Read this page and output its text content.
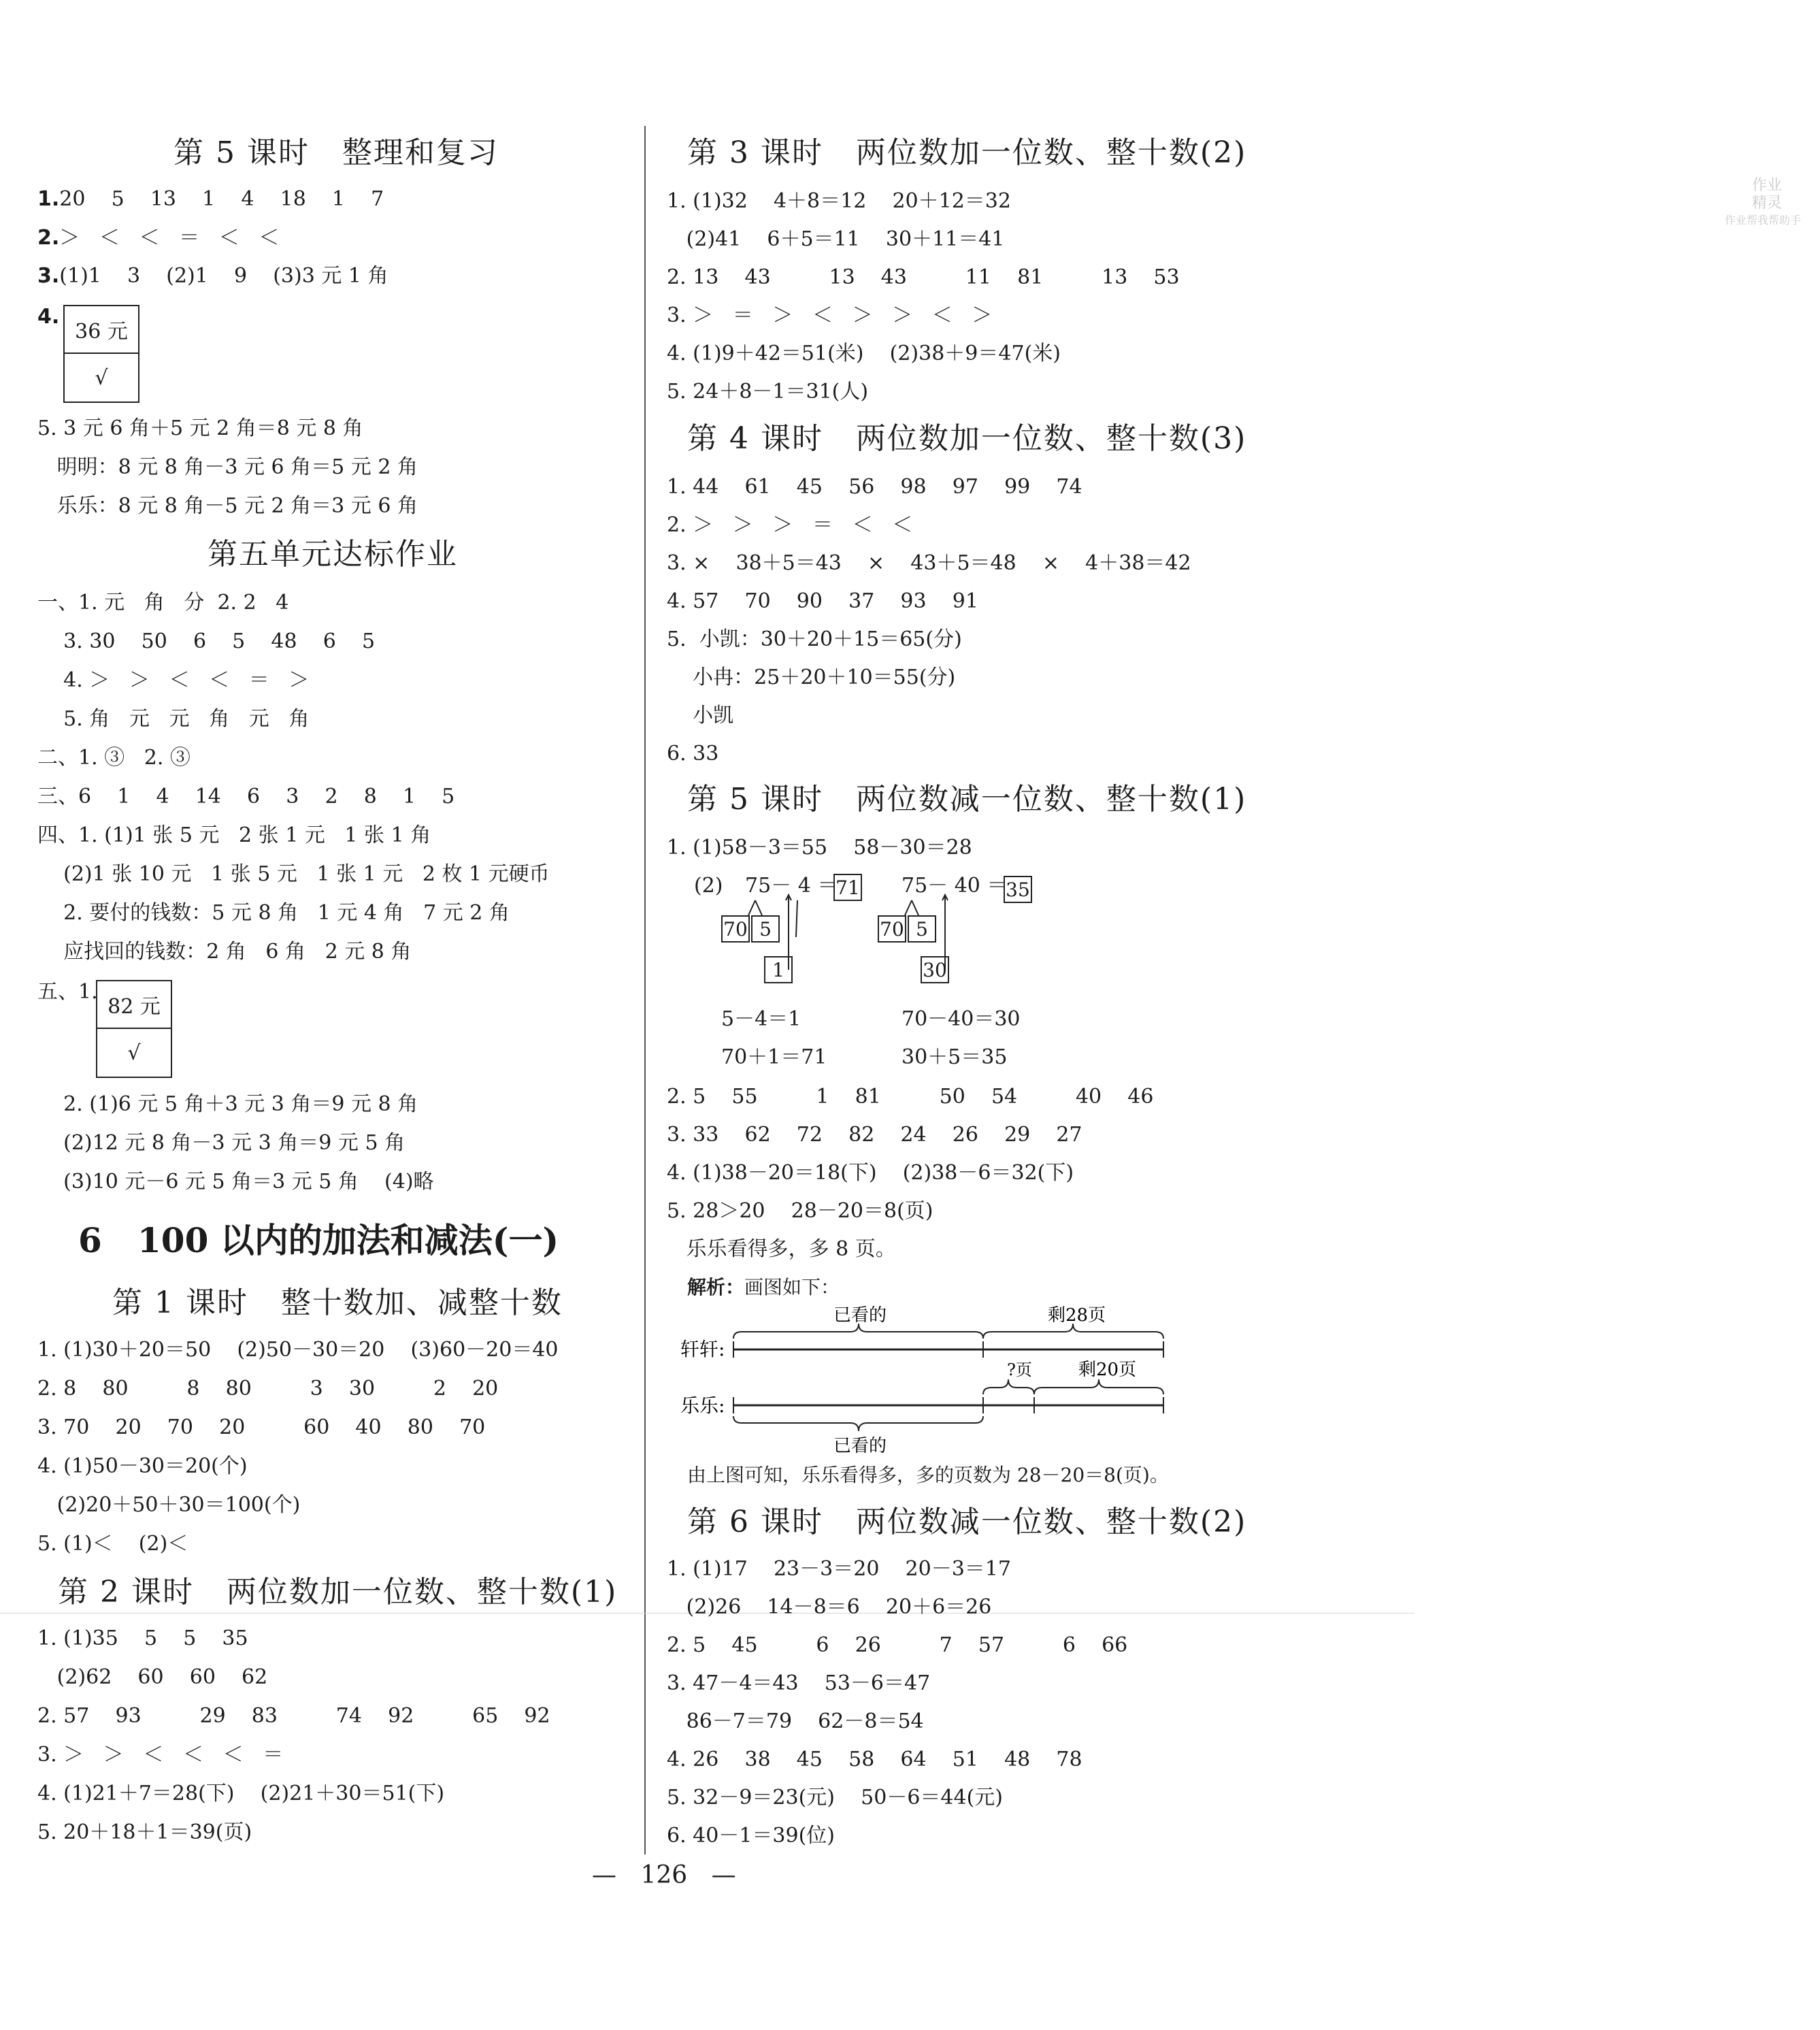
第 5 课时   整理和复习
1.20    5    13    1    4    18    1    7
2.＞   ＜   ＜   ＝   ＜   ＜
3.(1)1    3    (2)1    9    (3)3 元 1 角
4.
36 元
√
5. 3 元 6 角＋5 元 2 角＝8 元 8 角
明明：8 元 8 角－3 元 6 角＝5 元 2 角
乐乐：8 元 8 角－5 元 2 角＝3 元 6 角
第五单元达标作业
一、1. 元   角   分  2. 2   4
3. 30    50    6    5    48    6    5
4. ＞   ＞   ＜   ＜   ＝   ＞
5. 角   元   元   角   元   角
二、1. ③   2. ③
三、6    1    4    14    6    3    2    8    1    5
四、1. (1)1 张 5 元   2 张 1 元   1 张 1 角
(2)1 张 10 元   1 张 5 元   1 张 1 元   2 枚 1 元硬币
2. 要付的钱数：5 元 8 角   1 元 4 角   7 元 2 角
应找回的钱数：2 角   6 角   2 元 8 角
五、1.
82 元
√
2. (1)6 元 5 角＋3 元 3 角＝9 元 8 角
(2)12 元 8 角－3 元 3 角＝9 元 5 角
(3)10 元－6 元 5 角＝3 元 5 角    (4)略
6   100 以内的加法和减法(一)
第 1 课时   整十数加、减整十数
1. (1)30＋20＝50    (2)50－30＝20    (3)60－20＝40
2. 8    80         8    80         3    30         2    20
3. 70    20    70    20         60    40    80    70
4. (1)50－30＝20(个)
(2)20＋50＋30＝100(个)
5. (1)＜    (2)＜
第 2 课时   两位数加一位数、整十数(1)
1. (1)35    5    5    35
(2)62    60    60    62
2. 57    93         29    83         74    92         65    92
3. ＞   ＞   ＜   ＜   ＜   ＝
4. (1)21＋7＝28(下)    (2)21＋30＝51(下)
5. 20＋18＋1＝39(页)
第 3 课时   两位数加一位数、整十数(2)
1. (1)32    4＋8＝12    20＋12＝32
(2)41    6＋5＝11    30＋11＝41
2. 13    43         13    43         11    81         13    53
3. ＞   ＝   ＞   ＜   ＞   ＞   ＜   ＞
4. (1)9＋42＝51(米)    (2)38＋9＝47(米)
5. 24＋8－1＝31(人)
作业
精灵
作业帮我帮助手
第 4 课时   两位数加一位数、整十数(3)
1. 44    61    45    56    98    97    99    74
2. ＞   ＞   ＞   ＝   ＜   ＜
3. ×    38＋5＝43    ×    43＋5＝48    ×    4＋38＝42
4. 57    70    90    37    93    91
5.  小凯：30＋20＋15＝65(分)
小冉：25＋20＋10＝55(分)
小凯
6. 33
第 5 课时   两位数减一位数、整十数(1)
1. (1)58－3＝55    58－30＝28
(2) 75－ 4 ＝
71 75－ 40 ＝
35
70 5
1
70 5
30
5－4＝1
70＋1＝71
70－40＝30
30＋5＝35
2. 5    55         1    81         50    54         40    46
3. 33    62    72    82    24    26    29    27
4. (1)38－20＝18(下)    (2)38－6＝32(下)
5. 28＞20    28－20＝8(页)
乐乐看得多，多 8 页。
解析：画图如下：
轩轩:
已看的	剩28页
乐乐:
?页	剩20页
已看的
由上图可知，乐乐看得多，多的页数为 28－20＝8(页)。
第 6 课时   两位数减一位数、整十数(2)
1. (1)17    23－3＝20    20－3＝17
(2)26    14－8＝6    20＋6＝26
2. 5    45         6    26         7    57         6    66
3. 47－4＝43    53－6＝47
86－7＝79    62－8＝54
4. 26    38    45    58    64    51    48    78
5. 32－9＝23(元)    50－6＝44(元)
6. 40－1＝39(位)
— 126 —
